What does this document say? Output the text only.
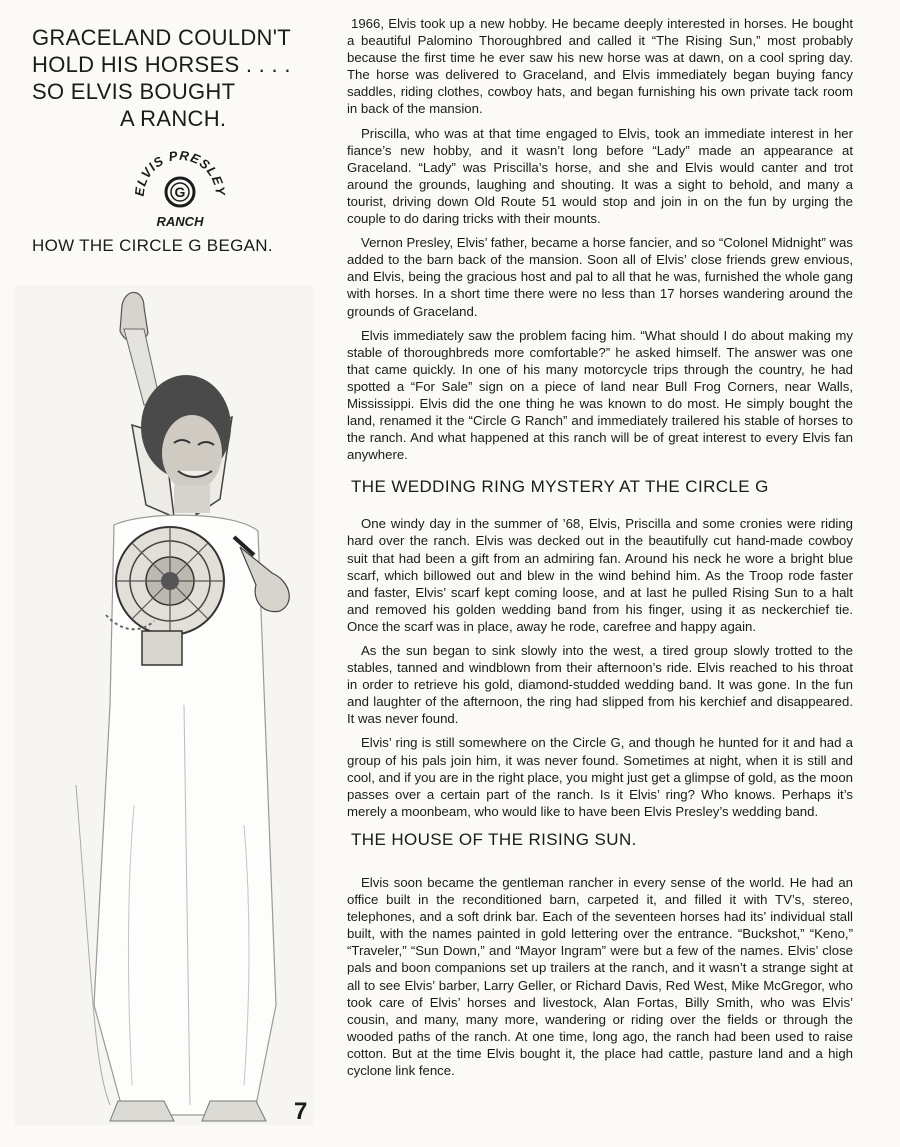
GRACELAND COULDN'T
HOLD HIS HORSES . . . .
SO ELVIS BOUGHT
A RANCH.
ELVIS PRESLEY
G
RANCH
HOW THE CIRCLE G BEGAN.
7

1966, Elvis took up a new hobby. He became deeply interested in horses. He bought a beautiful Palomino Thoroughbred and called it “The Rising Sun,” most probably because the first time he ever saw his new horse was at dawn, on a cool spring day. The horse was delivered to Graceland, and Elvis immediately began buying fancy saddles, riding clothes, cowboy hats, and began furnishing his own private tack room in back of the mansion.

Priscilla, who was at that time engaged to Elvis, took an immediate interest in her fiance’s new hobby, and it wasn’t long before “Lady” made an appearance at Graceland. “Lady” was Priscilla’s horse, and she and Elvis would canter and trot around the grounds, laughing and shouting. It was a sight to behold, and many a tourist, driving down Old Route 51 would stop and join in on the fun by urging the couple to do daring tricks with their mounts.

Vernon Presley, Elvis’ father, became a horse fancier, and so “Colonel Midnight” was added to the barn back of the mansion. Soon all of Elvis’ close friends grew envious, and Elvis, being the gracious host and pal to all that he was, furnished the whole gang with horses. In a short time there were no less than 17 horses wandering around the grounds of Graceland.

Elvis immediately saw the problem facing him. “What should I do about making my stable of thoroughbreds more comfortable?” he asked himself. The answer was one that came quickly. In one of his many motorcycle trips through the country, he had spotted a “For Sale” sign on a piece of land near Bull Frog Corners, near Walls, Mississippi. Elvis did the one thing he was known to do most. He simply bought the land, renamed it the “Circle G Ranch” and immediately trailered his stable of horses to the ranch. And what happened at this ranch will be of great interest to every Elvis fan anywhere.

THE WEDDING RING MYSTERY AT THE CIRCLE G

One windy day in the summer of ’68, Elvis, Priscilla and some cronies were riding hard over the ranch. Elvis was decked out in the beautifully cut hand-made cowboy suit that had been a gift from an admiring fan. Around his neck he wore a bright blue scarf, which billowed out and blew in the wind behind him. As the Troop rode faster and faster, Elvis’ scarf kept coming loose, and at last he pulled Rising Sun to a halt and removed his golden wedding band from his finger, using it as neckerchief tie. Once the scarf was in place, away he rode, carefree and happy again.

As the sun began to sink slowly into the west, a tired group slowly trotted to the stables, tanned and windblown from their afternoon’s ride. Elvis reached to his throat in order to retrieve his gold, diamond-studded wedding band. It was gone. In the fun and laughter of the afternoon, the ring had slipped from his kerchief and disappeared. It was never found.

Elvis’ ring is still somewhere on the Circle G, and though he hunted for it and had a group of his pals join him, it was never found. Sometimes at night, when it is still and cool, and if you are in the right place, you might just get a glimpse of gold, as the moon passes over a certain part of the ranch. Is it Elvis’ ring? Who knows. Perhaps it’s merely a moonbeam, who would like to have been Elvis Presley’s wedding band.

THE HOUSE OF THE RISING SUN.

Elvis soon became the gentleman rancher in every sense of the world. He had an office built in the reconditioned barn, carpeted it, and filled it with TV’s, stereo, telephones, and a soft drink bar. Each of the seventeen horses had its’ individual stall built, with the names painted in gold lettering over the entrance. “Buckshot,” “Keno,” “Traveler,” “Sun Down,” and “Mayor Ingram” were but a few of the names. Elvis’ close pals and boon companions set up trailers at the ranch, and it wasn’t a strange sight at all to see Elvis’ barber, Larry Geller, or Richard Davis, Red West, Mike McGregor, who took care of Elvis’ horses and livestock, Alan Fortas, Billy Smith, who was Elvis’ cousin, and many, many more, wandering or riding over the fields or through the wooded paths of the ranch. At one time, long ago, the ranch had been used to raise cotton. But at the time Elvis bought it, the place had cattle, pasture land and a high cyclone link fence.
